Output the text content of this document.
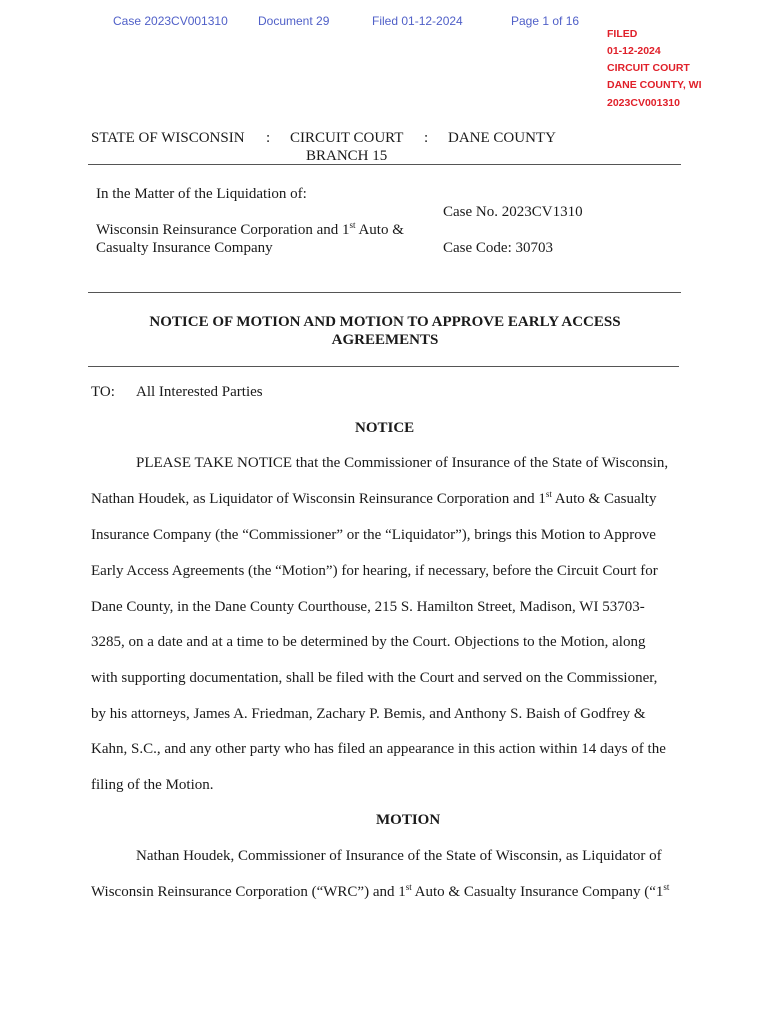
Case 2023CV001310	Document 29	Filed 01-12-2024	Page 1 of 16
FILED
01-12-2024
CIRCUIT COURT
DANE COUNTY, WI
2023CV001310
STATE OF WISCONSIN : CIRCUIT COURT
BRANCH 15
: DANE COUNTY
In the Matter of the Liquidation of:
Wisconsin Reinsurance Corporation and 1st Auto &
Casualty Insurance Company
Case No. 2023CV1310
Case Code: 30703
NOTICE OF MOTION AND MOTION TO APPROVE EARLY ACCESS
AGREEMENTS
TO: All Interested Parties
NOTICE
PLEASE TAKE NOTICE that the Commissioner of Insurance of the State of Wisconsin,
Nathan Houdek, as Liquidator of Wisconsin Reinsurance Corporation and 1st Auto & Casualty
Insurance Company (the “Commissioner” or the “Liquidator”), brings this Motion to Approve
Early Access Agreements (the “Motion”) for hearing, if necessary, before the Circuit Court for
Dane County, in the Dane County Courthouse, 215 S. Hamilton Street, Madison, WI 53703-
3285, on a date and at a time to be determined by the Court. Objections to the Motion, along
with supporting documentation, shall be filed with the Court and served on the Commissioner,
by his attorneys, James A. Friedman, Zachary P. Bemis, and Anthony S. Baish of Godfrey &
Kahn, S.C., and any other party who has filed an appearance in this action within 14 days of the
filing of the Motion.
MOTION
Nathan Houdek, Commissioner of Insurance of the State of Wisconsin, as Liquidator of
Wisconsin Reinsurance Corporation (“WRC”) and 1st Auto & Casualty Insurance Company (“1st
